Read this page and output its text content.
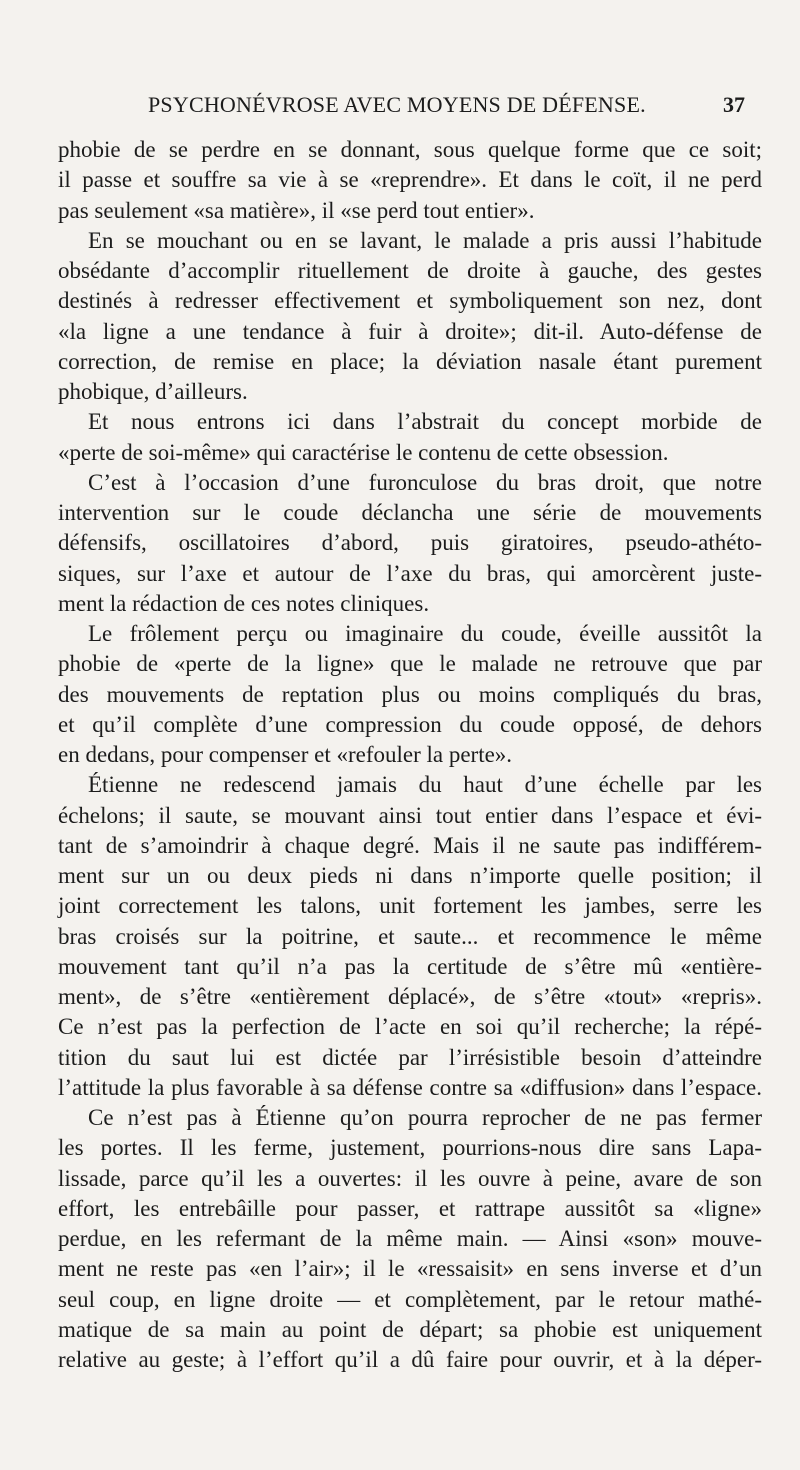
PSYCHONÉVROSE AVEC MOYENS DE DÉFENSE.	37
phobie de se perdre en se donnant, sous quelque forme que ce soit;
il passe et souffre sa vie à se «reprendre». Et dans le coït, il ne perd
pas seulement «sa matière», il «se perd tout entier».
En se mouchant ou en se lavant, le malade a pris aussi l’habitude
obsédante d’accomplir rituellement de droite à gauche, des gestes
destinés à redresser effectivement et symboliquement son nez, dont
«la ligne a une tendance à fuir à droite»; dit-il. Auto-défense de
correction, de remise en place; la déviation nasale étant purement
phobique, d’ailleurs.
Et nous entrons ici dans l’abstrait du concept morbide de
«perte de soi-même» qui caractérise le contenu de cette obsession.
C’est à l’occasion d’une furonculose du bras droit, que notre
intervention sur le coude déclancha une série de mouvements
défensifs, oscillatoires d’abord, puis giratoires, pseudo-athéto-
siques, sur l’axe et autour de l’axe du bras, qui amorcèrent juste-
ment la rédaction de ces notes cliniques.
Le frôlement perçu ou imaginaire du coude, éveille aussitôt la
phobie de «perte de la ligne» que le malade ne retrouve que par
des mouvements de reptation plus ou moins compliqués du bras,
et qu’il complète d’une compression du coude opposé, de dehors
en dedans, pour compenser et «refouler la perte».
Étienne ne redescend jamais du haut d’une échelle par les
échelons; il saute, se mouvant ainsi tout entier dans l’espace et évi-
tant de s’amoindrir à chaque degré. Mais il ne saute pas indifférem-
ment sur un ou deux pieds ni dans n’importe quelle position; il
joint correctement les talons, unit fortement les jambes, serre les
bras croisés sur la poitrine, et saute... et recommence le même
mouvement tant qu’il n’a pas la certitude de s’être mû «entière-
ment», de s’être «entièrement déplacé», de s’être «tout» «repris».
Ce n’est pas la perfection de l’acte en soi qu’il recherche; la répé-
tition du saut lui est dictée par l’irrésistible besoin d’atteindre
l’attitude la plus favorable à sa défense contre sa «diffusion» dans l’espace.
Ce n’est pas à Étienne qu’on pourra reprocher de ne pas fermer
les portes. Il les ferme, justement, pourrions-nous dire sans Lapa-
lissade, parce qu’il les a ouvertes: il les ouvre à peine, avare de son
effort, les entrebâille pour passer, et rattrape aussitôt sa «ligne»
perdue, en les refermant de la même main. — Ainsi «son» mouve-
ment ne reste pas «en l’air»; il le «ressaisit» en sens inverse et d’un
seul coup, en ligne droite — et complètement, par le retour mathé-
matique de sa main au point de départ; sa phobie est uniquement
relative au geste; à l’effort qu’il a dû faire pour ouvrir, et à la déper-
